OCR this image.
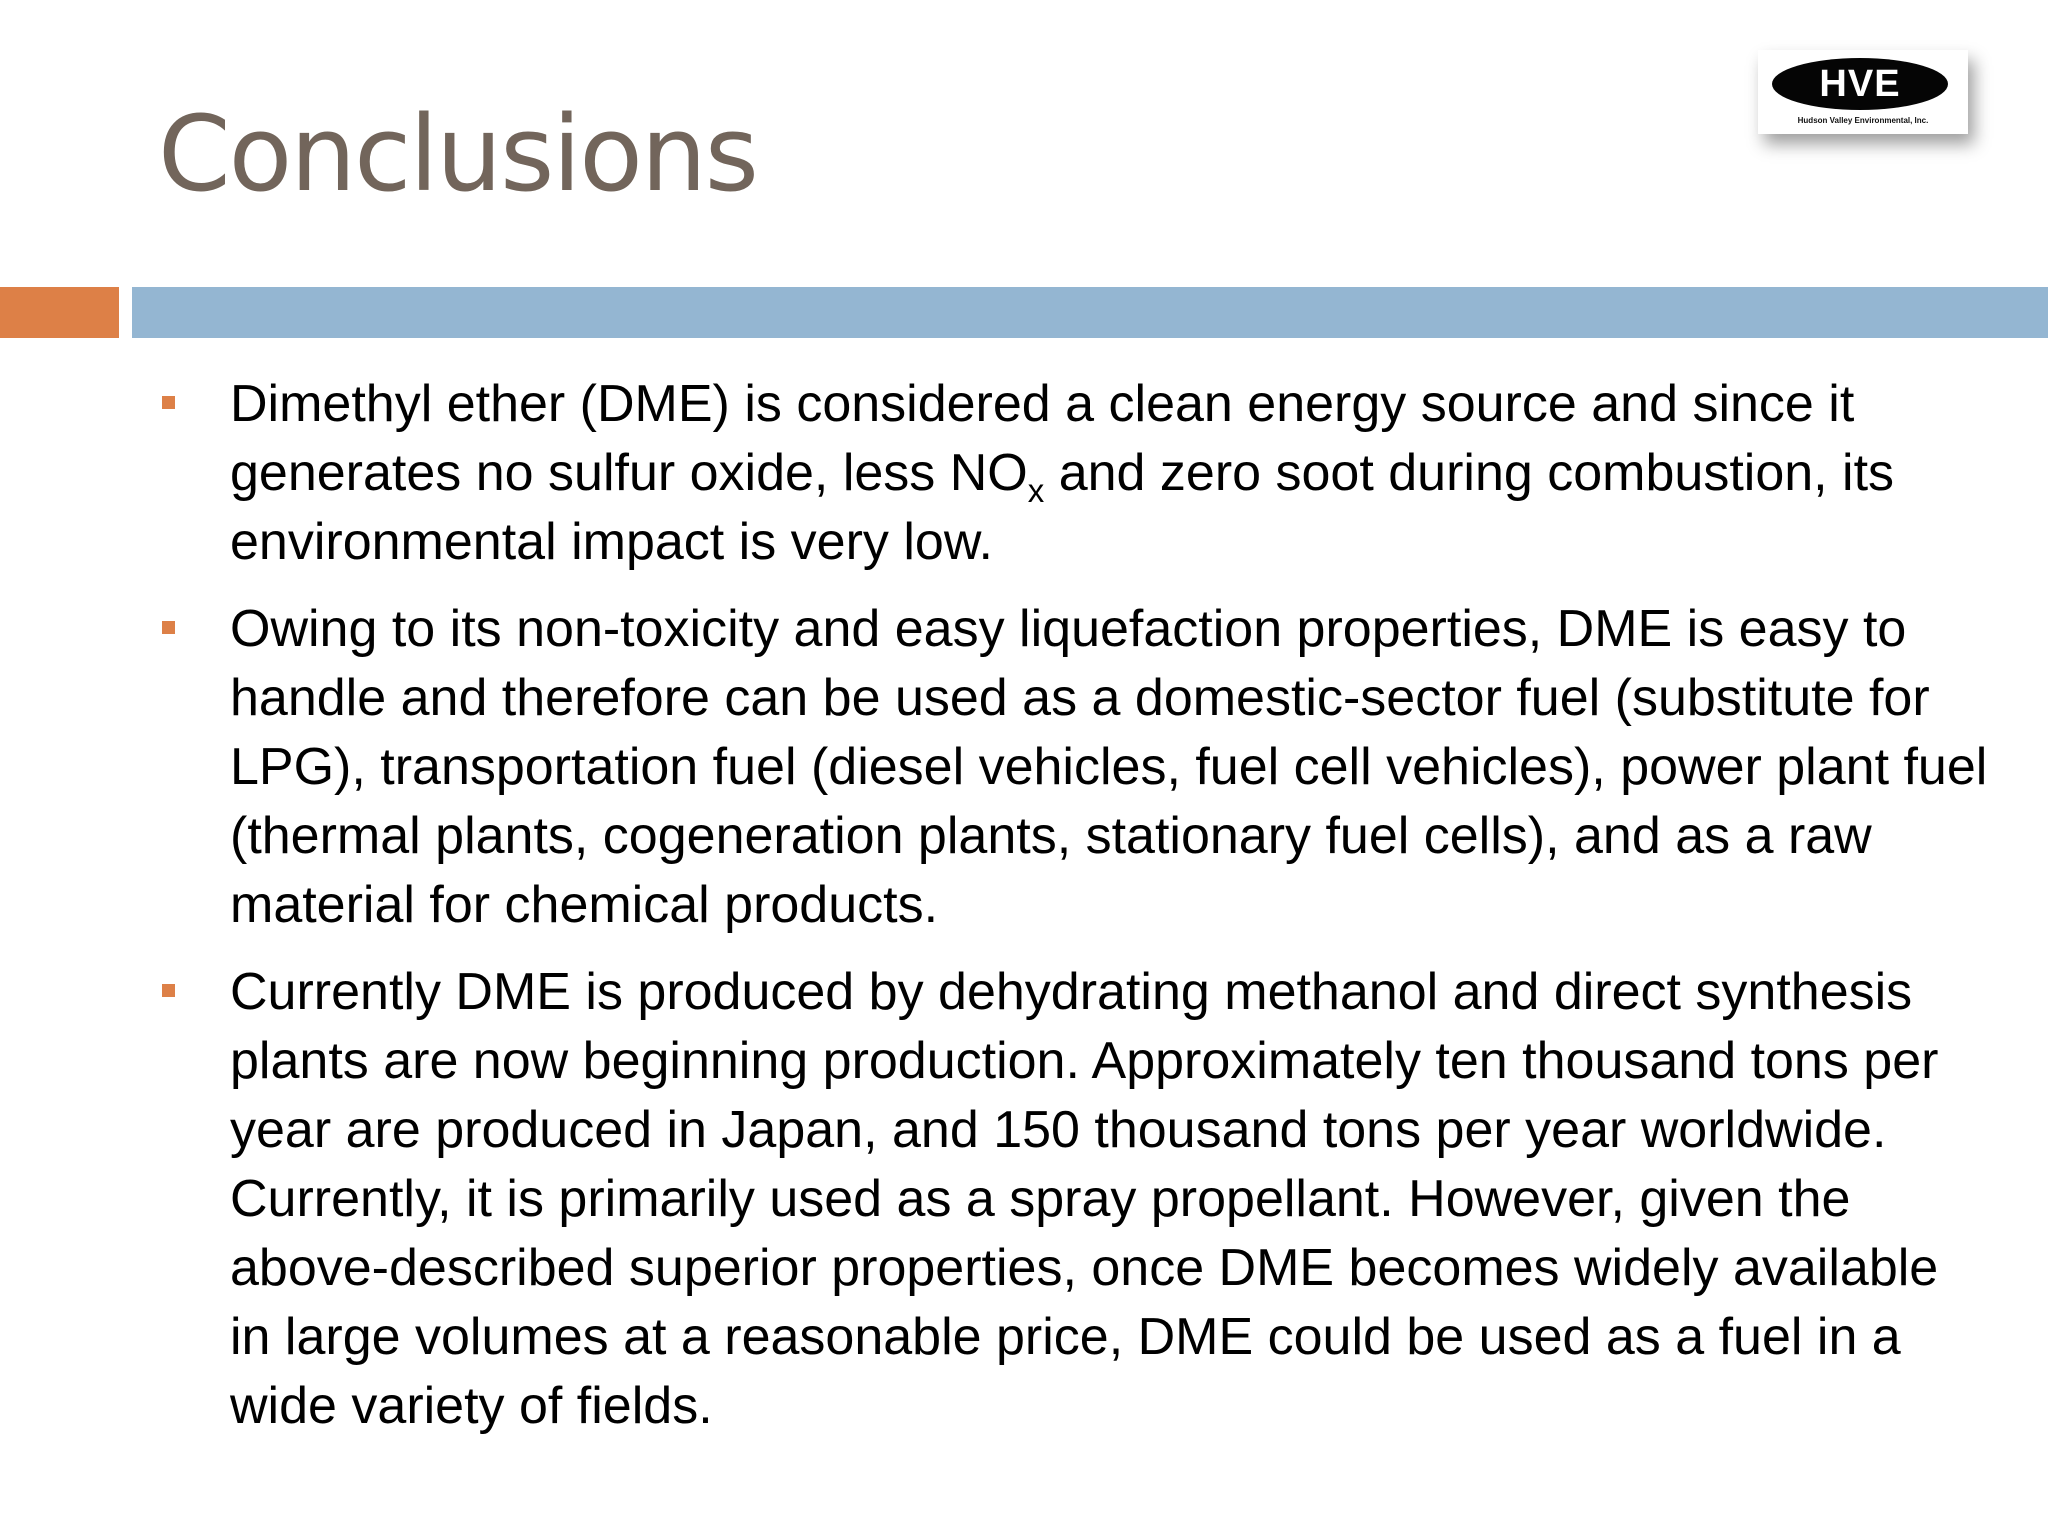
Conclusions
HVE
Hudson Valley Environmental, Inc.
Dimethyl ether (DME) is considered a clean energy source and since it generates no sulfur oxide, less $NO_x$ and zero soot during combustion, its environmental impact is very low.
Owing to its non-toxicity and easy liquefaction properties, DME is easy to handle and therefore can be used as a domestic-sector fuel (substitute for LPG), transportation fuel (diesel vehicles, fuel cell vehicles), power plant fuel (thermal plants, cogeneration plants, stationary fuel cells), and as a raw material for chemical products.
Currently DME is produced by dehydrating methanol and direct synthesis plants are now beginning production. Approximately ten thousand tons per year are produced in Japan, and 150 thousand tons per year worldwide. Currently, it is primarily used as a spray propellant. However, given the above-described superior properties, once DME becomes widely available in large volumes at a reasonable price, DME could be used as a fuel in a wide variety of fields.
